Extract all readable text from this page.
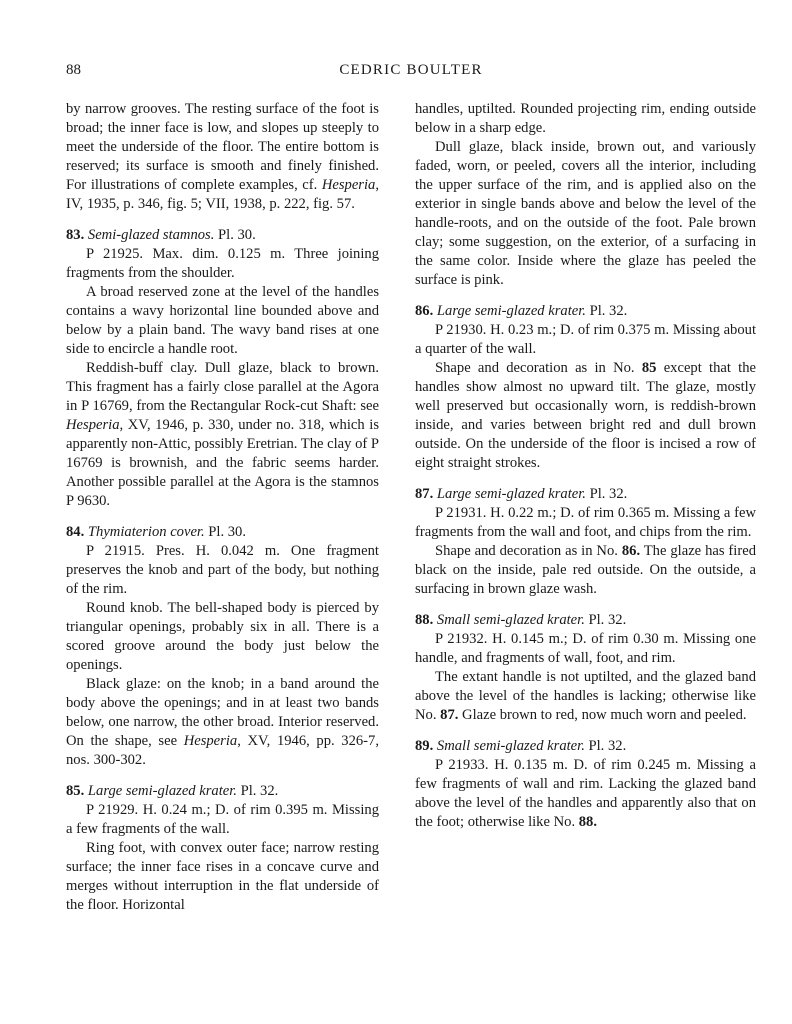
88	CEDRIC BOULTER

by narrow grooves. The resting surface of the foot is broad; the inner face is low, and slopes up steeply to meet the underside of the floor. The entire bottom is reserved; its surface is smooth and finely finished. For illustrations of complete examples, cf. Hesperia, IV, 1935, p. 346, fig. 5; VII, 1938, p. 222, fig. 57.

83. Semi-glazed stamnos. Pl. 30.

P 21925. Max. dim. 0.125 m. Three joining fragments from the shoulder.

A broad reserved zone at the level of the handles contains a wavy horizontal line bounded above and below by a plain band. The wavy band rises at one side to encircle a handle root.

Reddish-buff clay. Dull glaze, black to brown. This fragment has a fairly close parallel at the Agora in P 16769, from the Rectangular Rock-cut Shaft: see Hesperia, XV, 1946, p. 330, under no. 318, which is apparently non-Attic, possibly Eretrian. The clay of P 16769 is brownish, and the fabric seems harder. Another possible parallel at the Agora is the stamnos P 9630.

84. Thymiaterion cover. Pl. 30.

P 21915. Pres. H. 0.042 m. One fragment preserves the knob and part of the body, but nothing of the rim.

Round knob. The bell-shaped body is pierced by triangular openings, probably six in all. There is a scored groove around the body just below the openings.

Black glaze: on the knob; in a band around the body above the openings; and in at least two bands below, one narrow, the other broad. Interior reserved. On the shape, see Hesperia, XV, 1946, pp. 326-7, nos. 300-302.

85. Large semi-glazed krater. Pl. 32.

P 21929. H. 0.24 m.; D. of rim 0.395 m. Missing a few fragments of the wall.

Ring foot, with convex outer face; narrow resting surface; the inner face rises in a concave curve and merges without interruption in the flat underside of the floor. Horizontal

handles, uptilted. Rounded projecting rim, ending outside below in a sharp edge.

Dull glaze, black inside, brown out, and variously faded, worn, or peeled, covers all the interior, including the upper surface of the rim, and is applied also on the exterior in single bands above and below the level of the handle-roots, and on the outside of the foot. Pale brown clay; some suggestion, on the exterior, of a surfacing in the same color. Inside where the glaze has peeled the surface is pink.

86. Large semi-glazed krater. Pl. 32.

P 21930. H. 0.23 m.; D. of rim 0.375 m. Missing about a quarter of the wall.

Shape and decoration as in No. 85 except that the handles show almost no upward tilt. The glaze, mostly well preserved but occasionally worn, is reddish-brown inside, and varies between bright red and dull brown outside. On the underside of the floor is incised a row of eight straight strokes.

87. Large semi-glazed krater. Pl. 32.

P 21931. H. 0.22 m.; D. of rim 0.365 m. Missing a few fragments from the wall and foot, and chips from the rim.

Shape and decoration as in No. 86. The glaze has fired black on the inside, pale red outside. On the outside, a surfacing in brown glaze wash.

88. Small semi-glazed krater. Pl. 32.

P 21932. H. 0.145 m.; D. of rim 0.30 m. Missing one handle, and fragments of wall, foot, and rim.

The extant handle is not uptilted, and the glazed band above the level of the handles is lacking; otherwise like No. 87. Glaze brown to red, now much worn and peeled.

89. Small semi-glazed krater. Pl. 32.

P 21933. H. 0.135 m. D. of rim 0.245 m. Missing a few fragments of wall and rim. Lacking the glazed band above the level of the handles and apparently also that on the foot; otherwise like No. 88.
